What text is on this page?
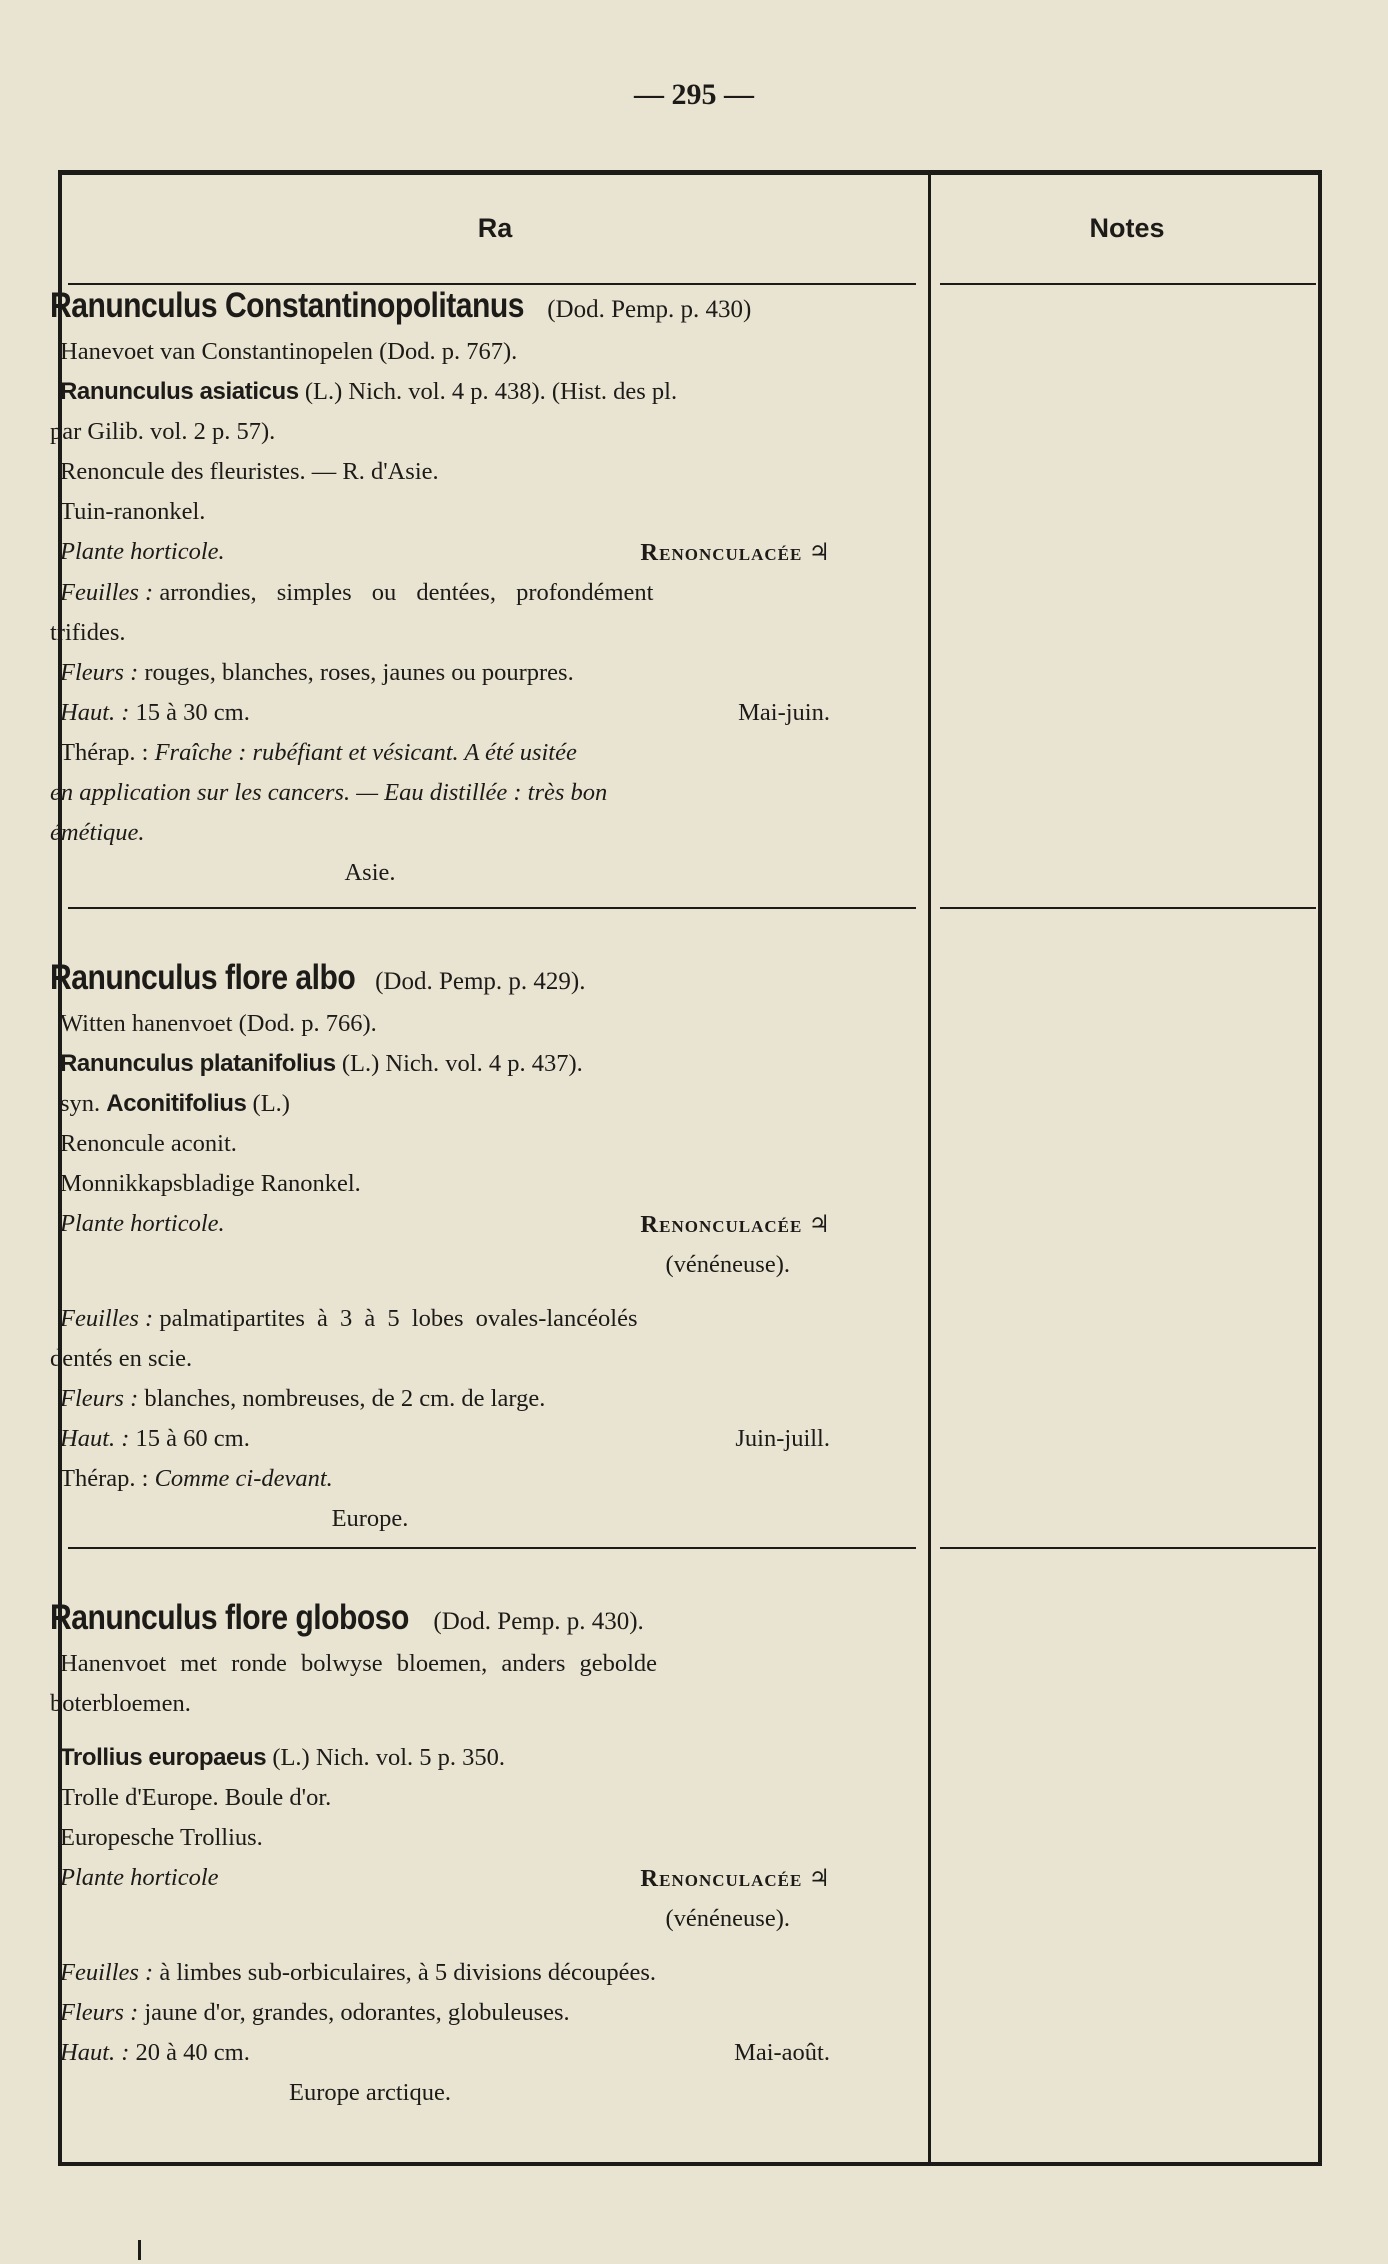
— 295 —
Ra	Notes

Ranunculus Constantinopolitanus (Dod. Pemp. p. 430)

Hanevoet van Constantinopelen (Dod. p. 767).

Ranunculus asiaticus (L.) Nich. vol. 4 p. 438). (Hist. des pl.

par Gilib. vol. 2 p. 57).

Renoncule des fleuristes. — R. d'Asie.

Tuin-ranonkel.

Plante horticole.	Renonculacée ♃

Feuilles : arrondies, simples ou dentées, profondément

trifides.

Fleurs : rouges, blanches, roses, jaunes ou pourpres.

Haut. : 15 à 30 cm.	Mai-juin.

Thérap. : Fraîche : rubéfiant et vésicant. A été usitée

en application sur les cancers. — Eau distillée : très bon

émétique.

Asie.

Ranunculus flore albo (Dod. Pemp. p. 429).

Witten hanenvoet (Dod. p. 766).

Ranunculus platanifolius (L.) Nich. vol. 4 p. 437).

syn. Aconitifolius (L.)

Renoncule aconit.

Monnikkapsbladige Ranonkel.

Plante horticole.	Renonculacée ♃

(vénéneuse).

Feuilles : palmatipartites à 3 à 5 lobes ovales-lancéolés

dentés en scie.

Fleurs : blanches, nombreuses, de 2 cm. de large.

Haut. : 15 à 60 cm.	Juin-juill.

Thérap. : Comme ci-devant.

Europe.

Ranunculus flore globoso (Dod. Pemp. p. 430).

Hanenvoet met ronde bolwyse bloemen, anders gebolde

boterbloemen.

Trollius europaeus (L.) Nich. vol. 5 p. 350.

Trolle d'Europe. Boule d'or.

Europesche Trollius.

Plante horticole	Renonculacée ♃

(vénéneuse).

Feuilles : à limbes sub-orbiculaires, à 5 divisions découpées.

Fleurs : jaune d'or, grandes, odorantes, globuleuses.

Haut. : 20 à 40 cm.	Mai-août.

Europe arctique.
